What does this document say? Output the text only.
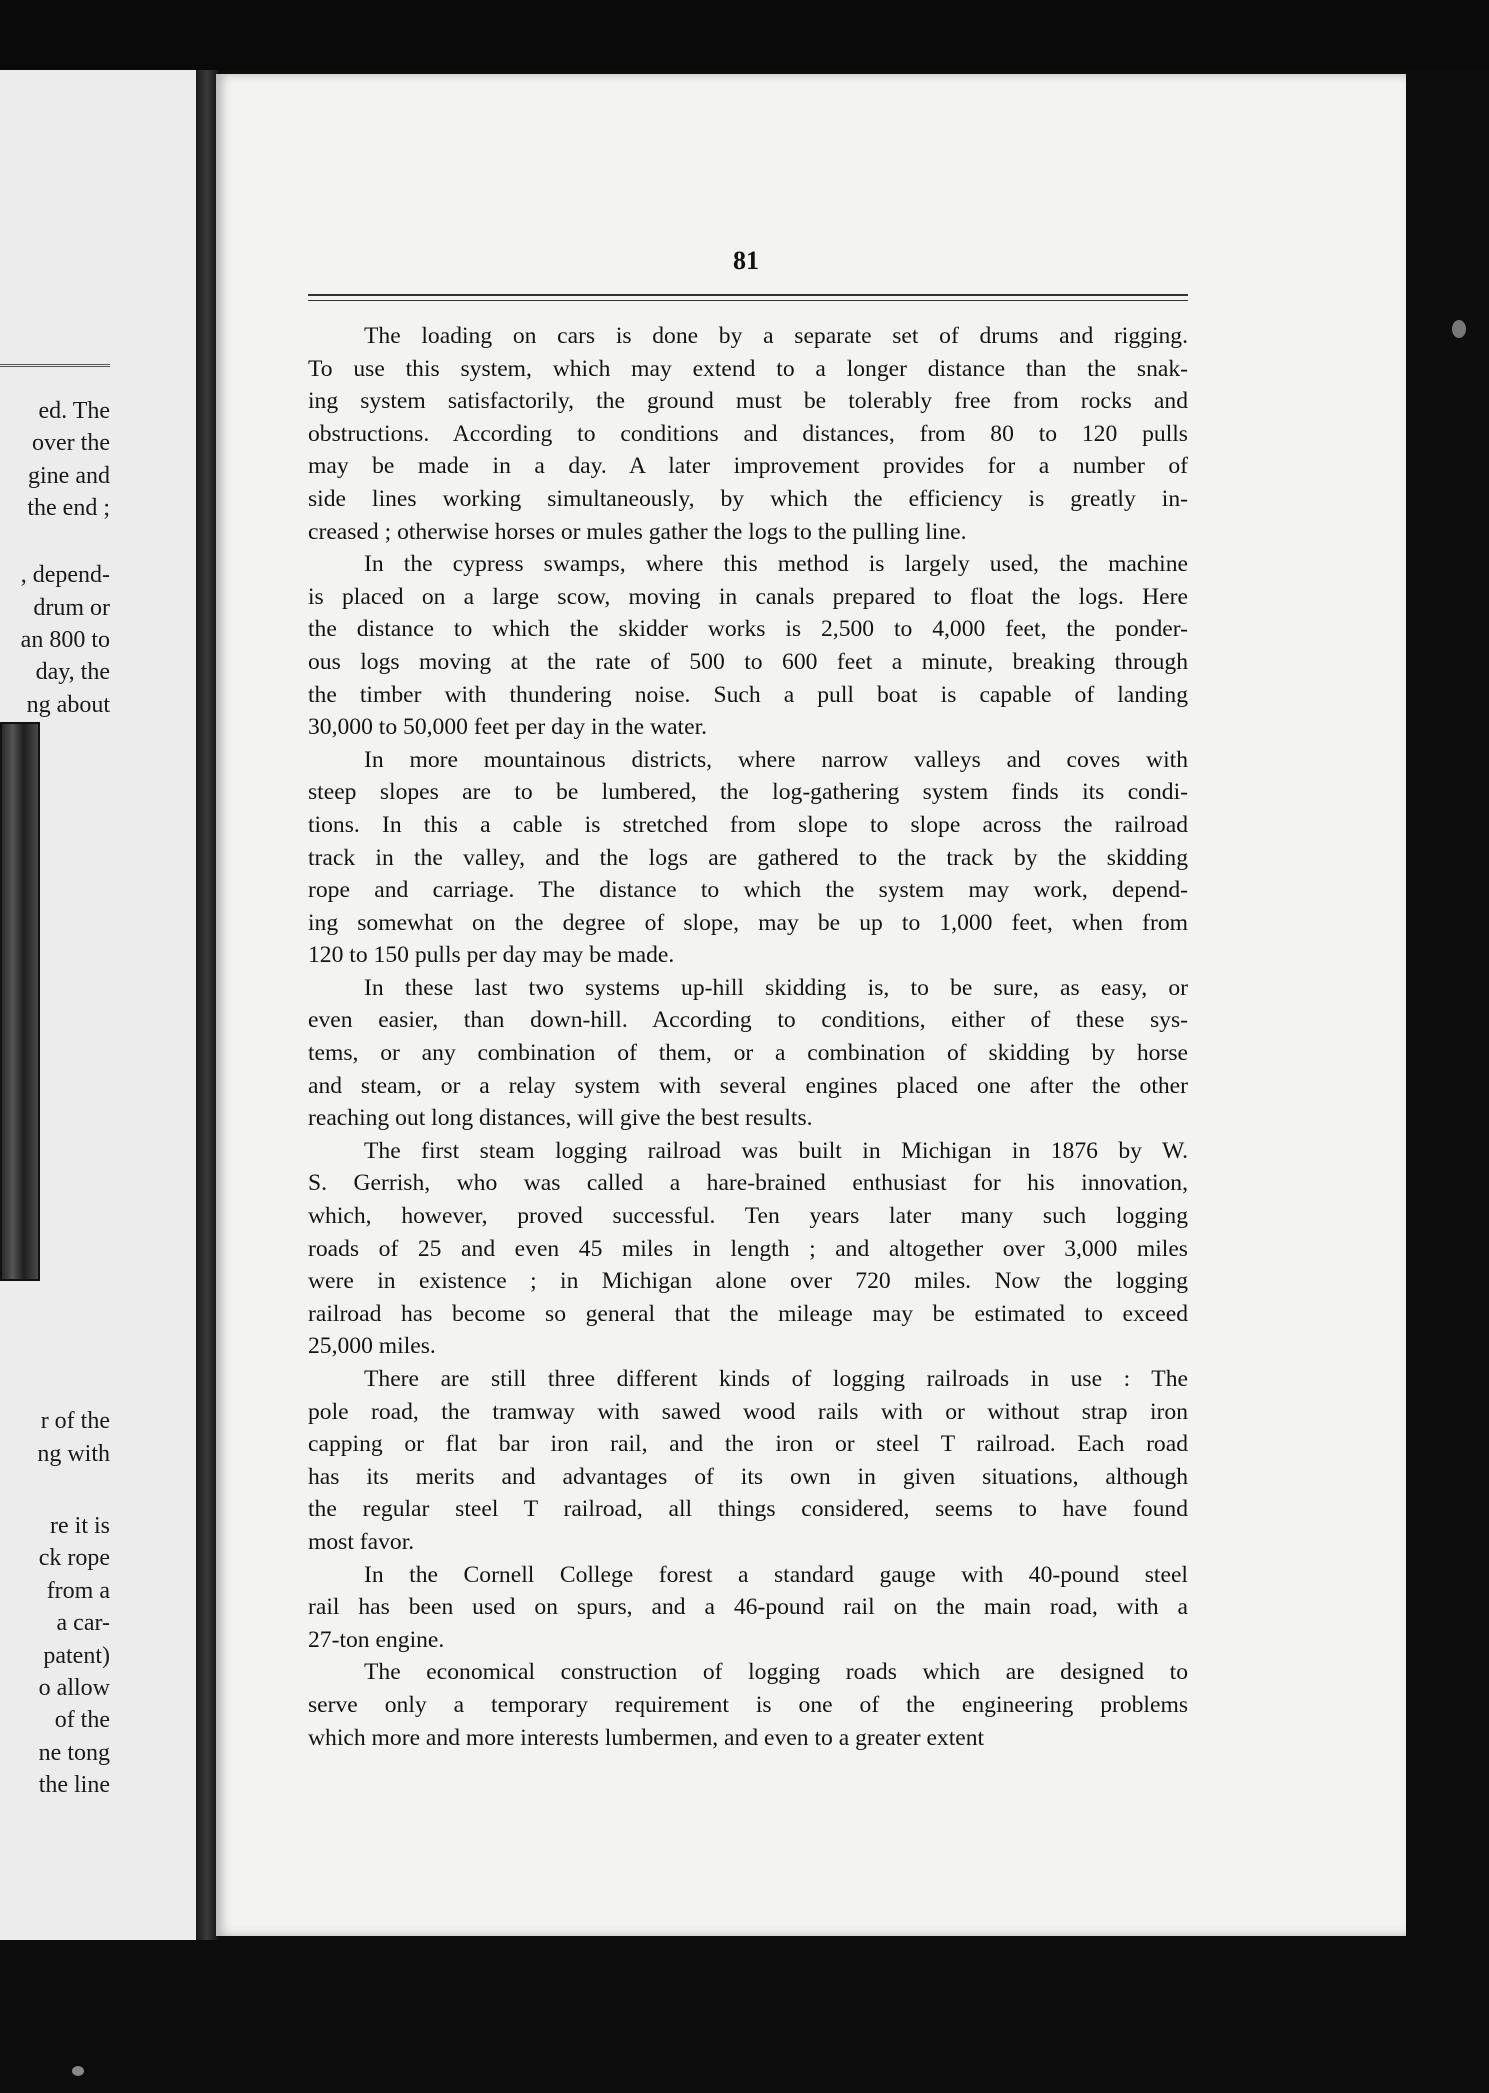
ed. The
over the
gine and
the end ;
, depend-
drum or
an 800 to
day, the
ng about
r of the
ng with
re it is
ck rope
from a
a car-
patent)
o allow
of the
ne tong
the line
81
The loading on cars is done by a separate set of drums and rigging.
To use this system, which may extend to a longer distance than the snak-
ing system satisfactorily, the ground must be tolerably free from rocks and
obstructions. According to conditions and distances, from 80 to 120 pulls
may be made in a day. A later improvement provides for a number of
side lines working simultaneously, by which the efficiency is greatly in-
creased ; otherwise horses or mules gather the logs to the pulling line.
In the cypress swamps, where this method is largely used, the machine
is placed on a large scow, moving in canals prepared to float the logs. Here
the distance to which the skidder works is 2,500 to 4,000 feet, the ponder-
ous logs moving at the rate of 500 to 600 feet a minute, breaking through
the timber with thundering noise. Such a pull boat is capable of landing
30,000 to 50,000 feet per day in the water.
In more mountainous districts, where narrow valleys and coves with
steep slopes are to be lumbered, the log-gathering system finds its condi-
tions. In this a cable is stretched from slope to slope across the railroad
track in the valley, and the logs are gathered to the track by the skidding
rope and carriage. The distance to which the system may work, depend-
ing somewhat on the degree of slope, may be up to 1,000 feet, when from
120 to 150 pulls per day may be made.
In these last two systems up-hill skidding is, to be sure, as easy, or
even easier, than down-hill. According to conditions, either of these sys-
tems, or any combination of them, or a combination of skidding by horse
and steam, or a relay system with several engines placed one after the other
reaching out long distances, will give the best results.
The first steam logging railroad was built in Michigan in 1876 by W.
S. Gerrish, who was called a hare-brained enthusiast for his innovation,
which, however, proved successful. Ten years later many such logging
roads of 25 and even 45 miles in length ; and altogether over 3,000 miles
were in existence ; in Michigan alone over 720 miles. Now the logging
railroad has become so general that the mileage may be estimated to exceed
25,000 miles.
There are still three different kinds of logging railroads in use : The
pole road, the tramway with sawed wood rails with or without strap iron
capping or flat bar iron rail, and the iron or steel T railroad. Each road
has its merits and advantages of its own in given situations, although
the regular steel T railroad, all things considered, seems to have found
most favor.
In the Cornell College forest a standard gauge with 40-pound steel
rail has been used on spurs, and a 46-pound rail on the main road, with a
27-ton engine.
The economical construction of logging roads which are designed to
serve only a temporary requirement is one of the engineering problems
which more and more interests lumbermen, and even to a greater extent
